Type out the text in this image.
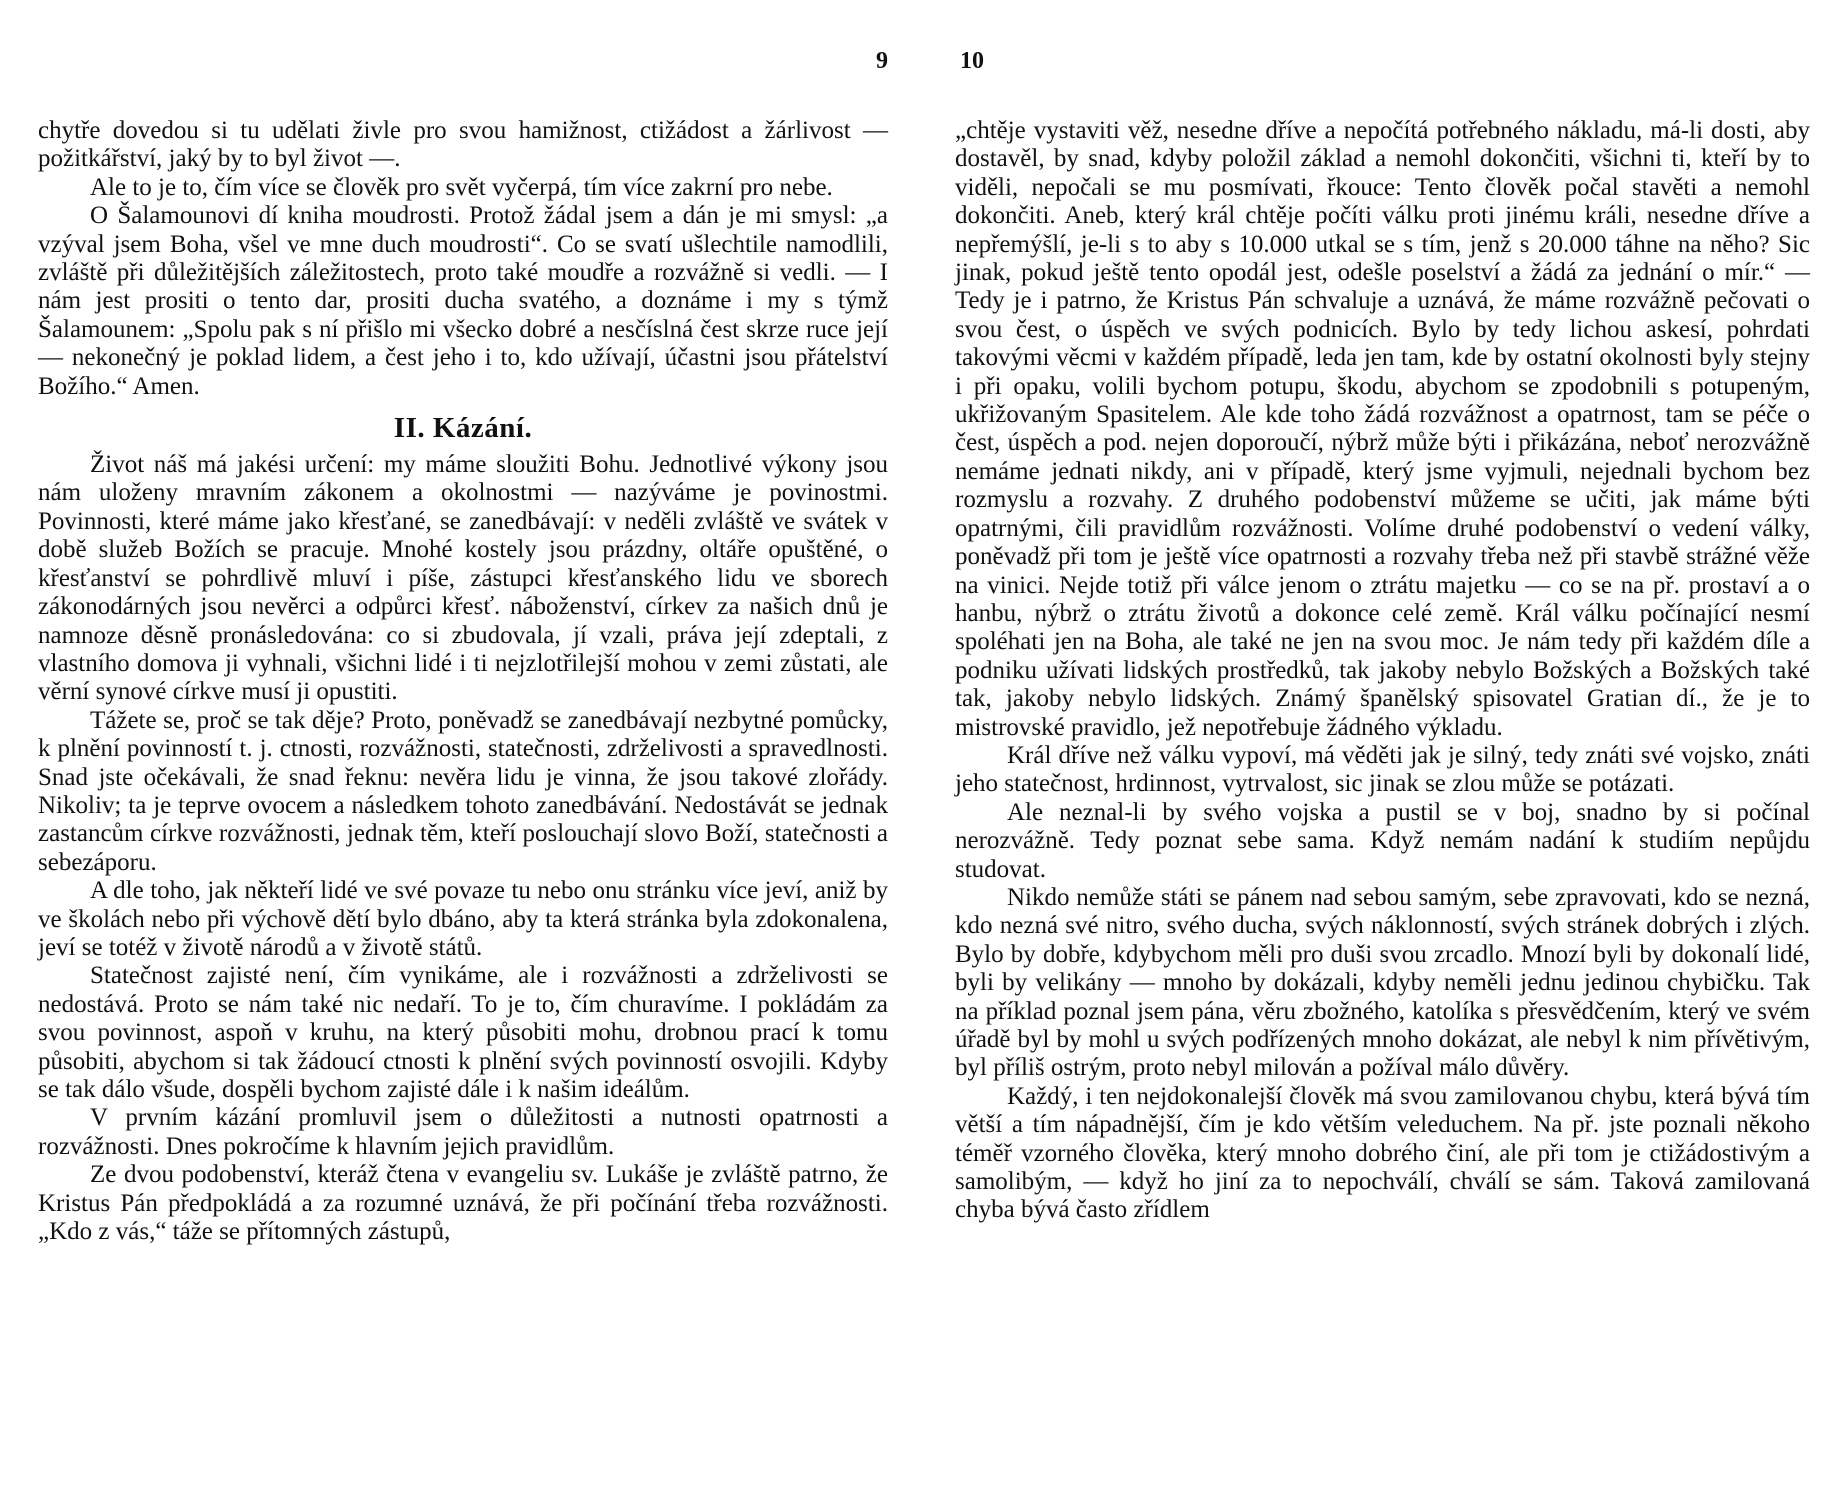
9

chytře dovedou si tu udělati živle pro svou hamižnost, ctižádost a žárlivost — požitkářství, jaký by to byl život —.

Ale to je to, čím více se člověk pro svět vyčerpá, tím více zakrní pro nebe.

O Šalamounovi dí kniha moudrosti. Protož žádal jsem a dán je mi smysl: „a vzýval jsem Boha, všel ve mne duch moudrosti“. Co se svatí ušlechtile namodlili, zvláště při důležitějších záležitostech, proto také moudře a rozvážně si vedli. — I nám jest prositi o tento dar, prositi ducha svatého, a doznáme i my s týmž Šalamounem: „Spolu pak s ní přišlo mi všecko dobré a nesčíslná čest skrze ruce její — nekonečný je poklad lidem, a čest jeho i to, kdo užívají, účastni jsou přátelství Božího.“ Amen.

II. Kázání.

Život náš má jakési určení: my máme sloužiti Bohu. Jednotlivé výkony jsou nám uloženy mravním zákonem a okolnostmi — nazýváme je povinostmi. Povinnosti, které máme jako křesťané, se zanedbávají: v neděli zvláště ve svátek v době služeb Božích se pracuje. Mnohé kostely jsou prázdny, oltáře opuštěné, o křesťanství se pohrdlivě mluví i píše, zástupci křesťanského lidu ve sborech zákonodárných jsou nevěrci a odpůrci křesť. náboženství, církev za našich dnů je namnoze děsně pronásledována: co si zbudovala, jí vzali, práva její zdeptali, z vlastního domova ji vyhnali, všichni lidé i ti nejzlotřilejší mohou v zemi zůstati, ale věrní synové církve musí ji opustiti.

Tážete se, proč se tak děje? Proto, poněvadž se zanedbávají nezbytné pomůcky, k plnění povinností t. j. ctnosti, rozvážnosti, statečnosti, zdrželivosti a spravedlnosti. Snad jste očekávali, že snad řeknu: nevěra lidu je vinna, že jsou takové zlořády. Nikoliv; ta je teprve ovocem a následkem tohoto zanedbávání. Nedostávát se jednak zastancům církve rozvážnosti, jednak těm, kteří poslouchají slovo Boží, statečnosti a sebezáporu.

A dle toho, jak někteří lidé ve své povaze tu nebo onu stránku více jeví, aniž by ve školách nebo při výchově dětí bylo dbáno, aby ta která stránka byla zdokonalena, jeví se totéž v životě národů a v životě států.

Statečnost zajisté není, čím vynikáme, ale i rozvážnosti a zdrželivosti se nedostává. Proto se nám také nic nedaří. To je to, čím churavíme. I pokládám za svou povinnost, aspoň v kruhu, na který působiti mohu, drobnou prací k tomu působiti, abychom si tak žádoucí ctnosti k plnění svých povinností osvojili. Kdyby se tak dálo všude, dospěli bychom zajisté dále i k našim ideálům.

V prvním kázání promluvil jsem o důležitosti a nutnosti opatrnosti a rozvážnosti. Dnes pokročíme k hlavním jejich pravidlům.

Ze dvou podobenství, kteráž čtena v evangeliu sv. Lukáše je zvláště patrno, že Kristus Pán předpokládá a za rozumné uznává, že při počínání třeba rozvážnosti. „Kdo z vás,“ táže se přítomných zástupů,

10

„chtěje vystaviti věž, nesedne dříve a nepočítá potřebného nákladu, má-li dosti, aby dostavěl, by snad, kdyby položil základ a nemohl dokončiti, všichni ti, kteří by to viděli, nepočali se mu posmívati, řkouce: Tento člověk počal stavěti a nemohl dokončiti. Aneb, který král chtěje počíti válku proti jinému králi, nesedne dříve a nepřemýšlí, je-li s to aby s 10.000 utkal se s tím, jenž s 20.000 táhne na něho? Sic jinak, pokud ještě tento opodál jest, odešle poselství a žádá za jednání o mír.“ — Tedy je i patrno, že Kristus Pán schvaluje a uznává, že máme rozvážně pečovati o svou čest, o úspěch ve svých podnicích. Bylo by tedy lichou askesí, pohrdati takovými věcmi v každém případě, leda jen tam, kde by ostatní okolnosti byly stejny i při opaku, volili bychom potupu, škodu, abychom se zpodobnili s potupeným, ukřižovaným Spasitelem. Ale kde toho žádá rozvážnost a opatrnost, tam se péče o čest, úspěch a pod. nejen doporoučí, nýbrž může býti i přikázána, neboť nerozvážně nemáme jednati nikdy, ani v případě, který jsme vyjmuli, nejednali bychom bez rozmyslu a rozvahy. Z druhého podobenství můžeme se učiti, jak máme býti opatrnými, čili pravidlům rozvážnosti. Volíme druhé podobenství o vedení války, poněvadž při tom je ještě více opatrnosti a rozvahy třeba než při stavbě strážné věže na vinici. Nejde totiž při válce jenom o ztrátu majetku — co se na př. prostaví a o hanbu, nýbrž o ztrátu životů a dokonce celé země. Král válku počínající nesmí spoléhati jen na Boha, ale také ne jen na svou moc. Je nám tedy při každém díle a podniku užívati lidských prostředků, tak jakoby nebylo Božských a Božských také tak, jakoby nebylo lidských. Známý španělský spisovatel Gratian dí., že je to mistrovské pravidlo, jež nepotřebuje žádného výkladu.

Král dříve než válku vypoví, má věděti jak je silný, tedy znáti své vojsko, znáti jeho statečnost, hrdinnost, vytrvalost, sic jinak se zlou může se potázati.

Ale neznal-li by svého vojska a pustil se v boj, snadno by si počínal nerozvážně. Tedy poznat sebe sama. Když nemám nadání k studiím nepůjdu studovat.

Nikdo nemůže státi se pánem nad sebou samým, sebe zpravovati, kdo se nezná, kdo nezná své nitro, svého ducha, svých náklonností, svých stránek dobrých i zlých. Bylo by dobře, kdybychom měli pro duši svou zrcadlo. Mnozí byli by dokonalí lidé, byli by velikány — mnoho by dokázali, kdyby neměli jednu jedinou chybičku. Tak na příklad poznal jsem pána, věru zbožného, katolíka s přesvědčením, který ve svém úřadě byl by mohl u svých podřízených mnoho dokázat, ale nebyl k nim přívětivým, byl příliš ostrým, proto nebyl milován a požíval málo důvěry.

Každý, i ten nejdokonalejší člověk má svou zamilovanou chybu, která bývá tím větší a tím nápadnější, čím je kdo větším veleduchem. Na př. jste poznali někoho téměř vzorného člověka, který mnoho dobrého činí, ale při tom je ctižádostivým a samolibým, — když ho jiní za to nepochválí, chválí se sám. Taková zamilovaná chyba bývá často zřídlem
